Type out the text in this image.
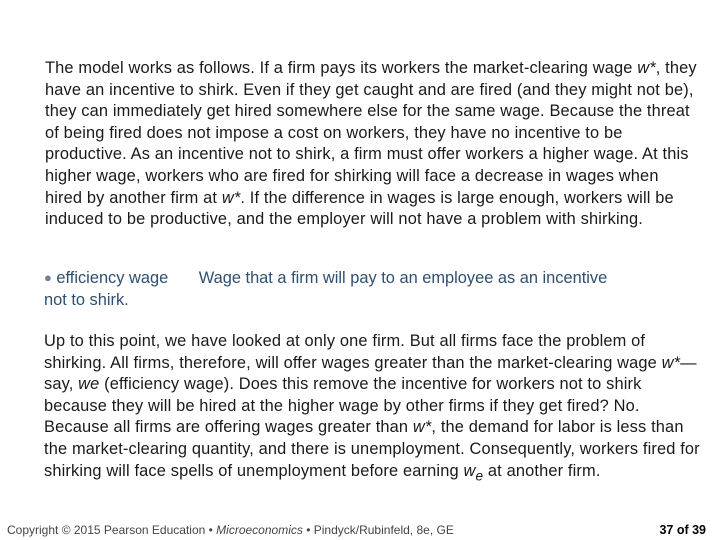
The model works as follows. If a firm pays its workers the market-clearing wage w*, they have an incentive to shirk. Even if they get caught and are fired (and they might not be), they can immediately get hired somewhere else for the same wage. Because the threat of being fired does not impose a cost on workers, they have no incentive to be productive. As an incentive not to shirk, a firm must offer workers a higher wage. At this higher wage, workers who are fired for shirking will face a decrease in wages when hired by another firm at w*. If the difference in wages is large enough, workers will be induced to be productive, and the employer will not have a problem with shirking.

● efficiency wage Wage that a firm will pay to an employee as an incentive
not to shirk.

Up to this point, we have looked at only one firm. But all firms face the problem of shirking. All firms, therefore, will offer wages greater than the market-clearing wage w*—say, we (efficiency wage). Does this remove the incentive for workers not to shirk because they will be hired at the higher wage by other firms if they get fired? No. Because all firms are offering wages greater than w*, the demand for labor is less than the market-clearing quantity, and there is unemployment. Consequently, workers fired for shirking will face spells of unemployment before earning $w_e$ at another firm.

Copyright © 2015 Pearson Education • Microeconomics • Pindyck/Rubinfeld, 8e, GE	37 of 39
